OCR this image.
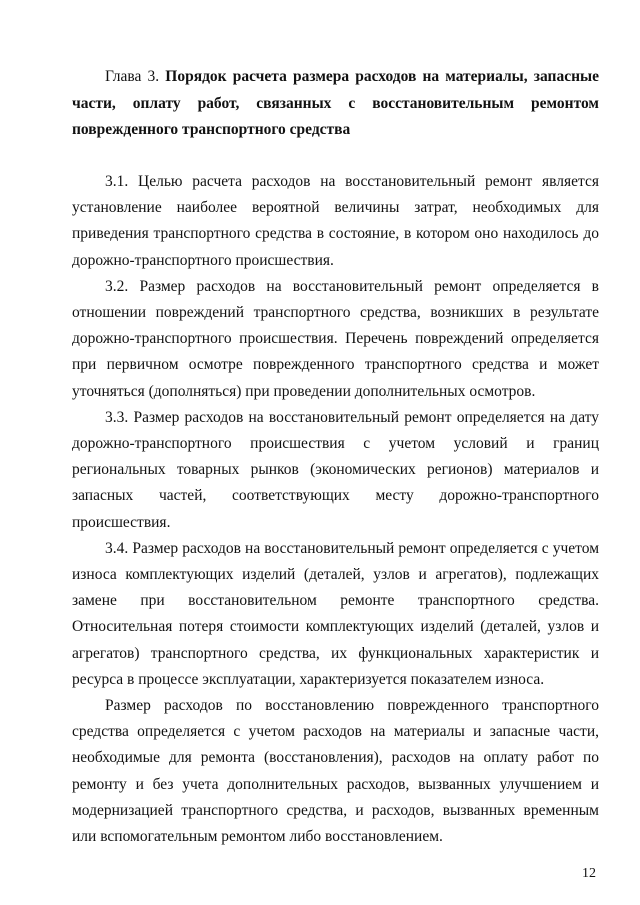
Глава 3. Порядок расчета размера расходов на материалы, запасные части, оплату работ, связанных с восстановительным ремонтом поврежденного транспортного средства

3.1. Целью расчета расходов на восстановительный ремонт является установление наиболее вероятной величины затрат, необходимых для приведения транспортного средства в состояние, в котором оно находилось до дорожно-транспортного происшествия.

3.2. Размер расходов на восстановительный ремонт определяется в отношении повреждений транспортного средства, возникших в результате дорожно-транспортного происшествия. Перечень повреждений определяется при первичном осмотре поврежденного транспортного средства и может уточняться (дополняться) при проведении дополнительных осмотров.

3.3. Размер расходов на восстановительный ремонт определяется на дату дорожно-транспортного происшествия с учетом условий и границ региональных товарных рынков (экономических регионов) материалов и запасных частей, соответствующих месту дорожно-транспортного происшествия.

3.4. Размер расходов на восстановительный ремонт определяется с учетом износа комплектующих изделий (деталей, узлов и агрегатов), подлежащих замене при восстановительном ремонте транспортного средства. Относительная потеря стоимости комплектующих изделий (деталей, узлов и агрегатов) транспортного средства, их функциональных характеристик и ресурса в процессе эксплуатации, характеризуется показателем износа.

Размер расходов по восстановлению поврежденного транспортного средства определяется с учетом расходов на материалы и запасные части, необходимые для ремонта (восстановления), расходов на оплату работ по ремонту и без учета дополнительных расходов, вызванных улучшением и модернизацией транспортного средства, и расходов, вызванных временным или вспомогательным ремонтом либо восстановлением.

12
